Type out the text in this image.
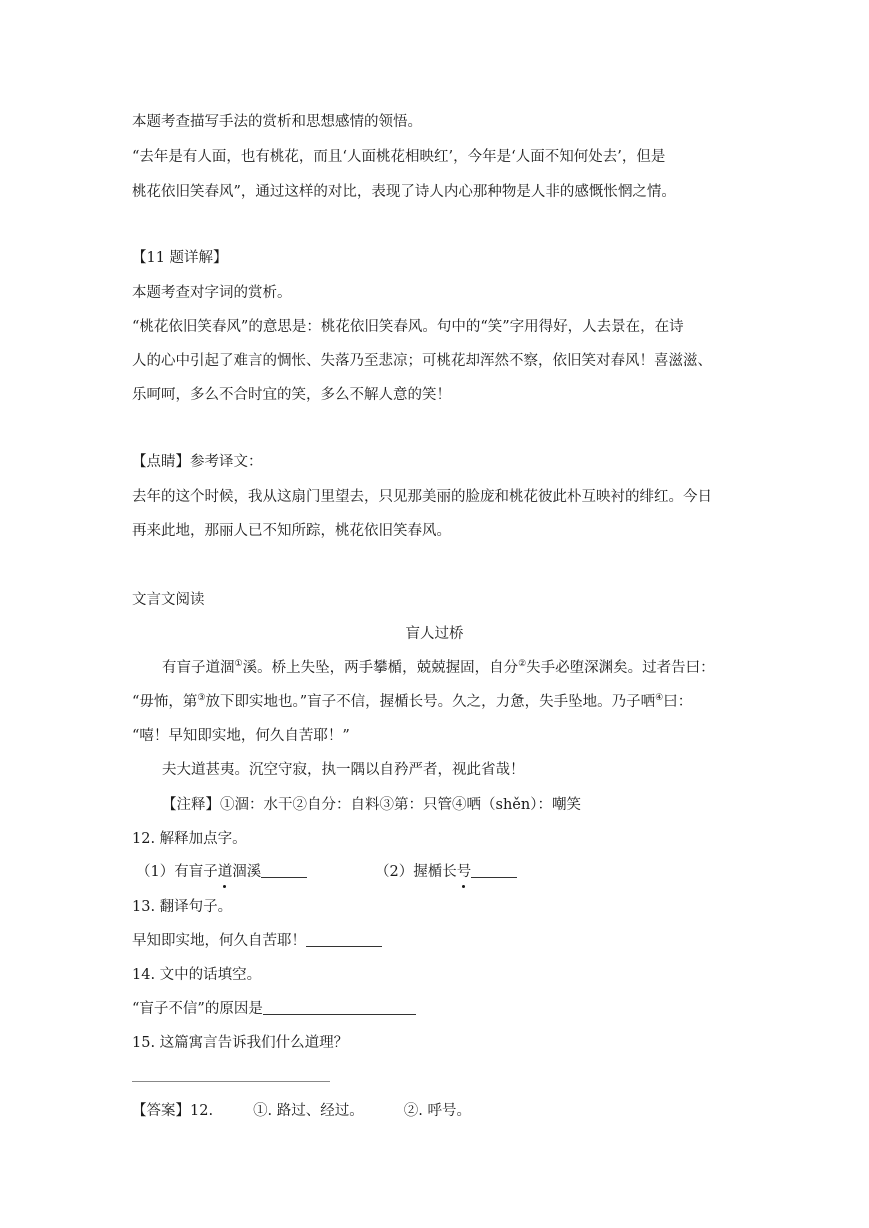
本题考查描写手法的赏析和思想感情的领悟。
“去年是有人面，也有桃花，而且‘人面桃花相映红’，今年是‘人面不知何处去’，但是
桃花依旧笑春风”，通过这样的对比，表现了诗人内心那种物是人非的感慨怅惘之情。
【11 题详解】
本题考查对字词的赏析。
“桃花依旧笑春风”的意思是：桃花依旧笑春风。句中的“笑”字用得好，人去景在，在诗
人的心中引起了难言的惆怅、失落乃至悲凉；可桃花却浑然不察，依旧笑对春风！喜滋滋、
乐呵呵，多么不合时宜的笑，多么不解人意的笑！
【点睛】参考译文：
去年的这个时候，我从这扇门里望去，只见那美丽的脸庞和桃花彼此朴互映衬的绯红。今日
再来此地，那丽人已不知所踪，桃花依旧笑春风。
文言文阅读
盲人过桥
有盲子道涸①溪。桥上失坠，两手攀楯，兢兢握固，自分②失手必堕深渊矣。过者告曰：
“毋怖，第③放下即实地也。”盲子不信，握楯长号。久之，力惫，失手坠地。乃子哂④曰：
“嘻！早知即实地，何久自苦耶！”
夫大道甚夷。沉空守寂，执一隅以自矜严者，视此省哉！
【注释】①涸：水干②自分：自料③第：只管④哂（shěn）：嘲笑
12. 解释加点字。
（1）有盲子道涸溪	（2）握楯长号
13. 翻译句子。
早知即实地，何久自苦耶！
14. 文中的话填空。
“盲子不信”的原因是
15. 这篇寓言告诉我们什么道理？
【答案】12.	①. 路过、经过。	②. 呼号。
